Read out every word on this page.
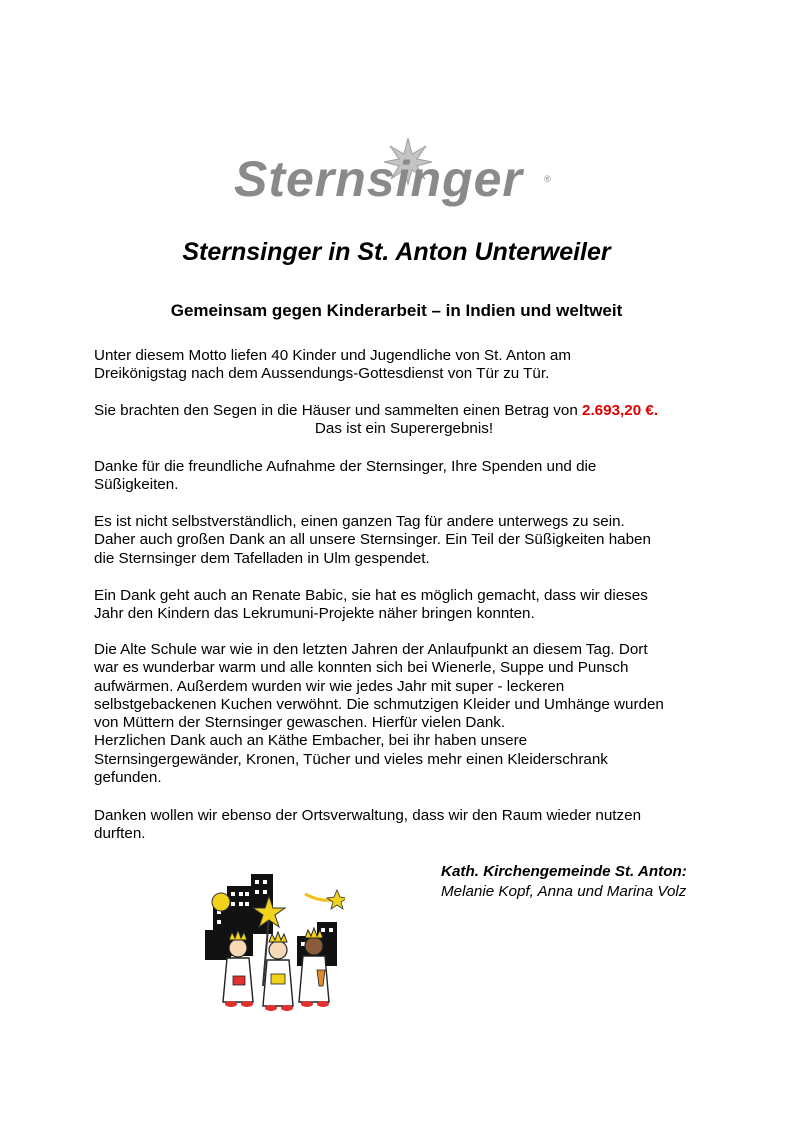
Sternsinger ®
Sternsinger in St. Anton Unterweiler
Gemeinsam gegen Kinderarbeit – in Indien und weltweit
Unter diesem Motto liefen 40 Kinder und Jugendliche von St. Anton am
Dreikönigstag nach dem Aussendungs-Gottesdienst von Tür zu Tür.
Sie brachten den Segen in die Häuser und sammelten einen Betrag von 2.693,20 €.
Das ist ein Superergebnis!
Danke für die freundliche Aufnahme der Sternsinger, Ihre Spenden und die
Süßigkeiten.
Es ist nicht selbstverständlich, einen ganzen Tag für andere unterwegs zu sein.
Daher auch großen Dank an all unsere Sternsinger. Ein Teil der Süßigkeiten haben
die Sternsinger dem Tafelladen in Ulm gespendet.
Ein Dank geht auch an Renate Babic, sie hat es möglich gemacht, dass wir dieses
Jahr den Kindern das Lekrumuni-Projekte näher bringen konnten.
Die Alte Schule war wie in den letzten Jahren der Anlaufpunkt an diesem Tag. Dort
war es wunderbar warm und alle konnten sich bei Wienerle, Suppe und Punsch
aufwärmen. Außerdem wurden wir wie jedes Jahr mit super - leckeren
selbstgebackenen Kuchen verwöhnt. Die schmutzigen Kleider und Umhänge wurden
von Müttern der Sternsinger gewaschen. Hierfür vielen Dank.
Herzlichen Dank auch an Käthe Embacher, bei ihr haben unsere
Sternsingergewänder, Kronen, Tücher und vieles mehr einen Kleiderschrank
gefunden.
Danken wollen wir ebenso der Ortsverwaltung, dass wir den Raum wieder nutzen
durften.
Kath. Kirchengemeinde St. Anton:
Melanie Kopf, Anna und Marina Volz
